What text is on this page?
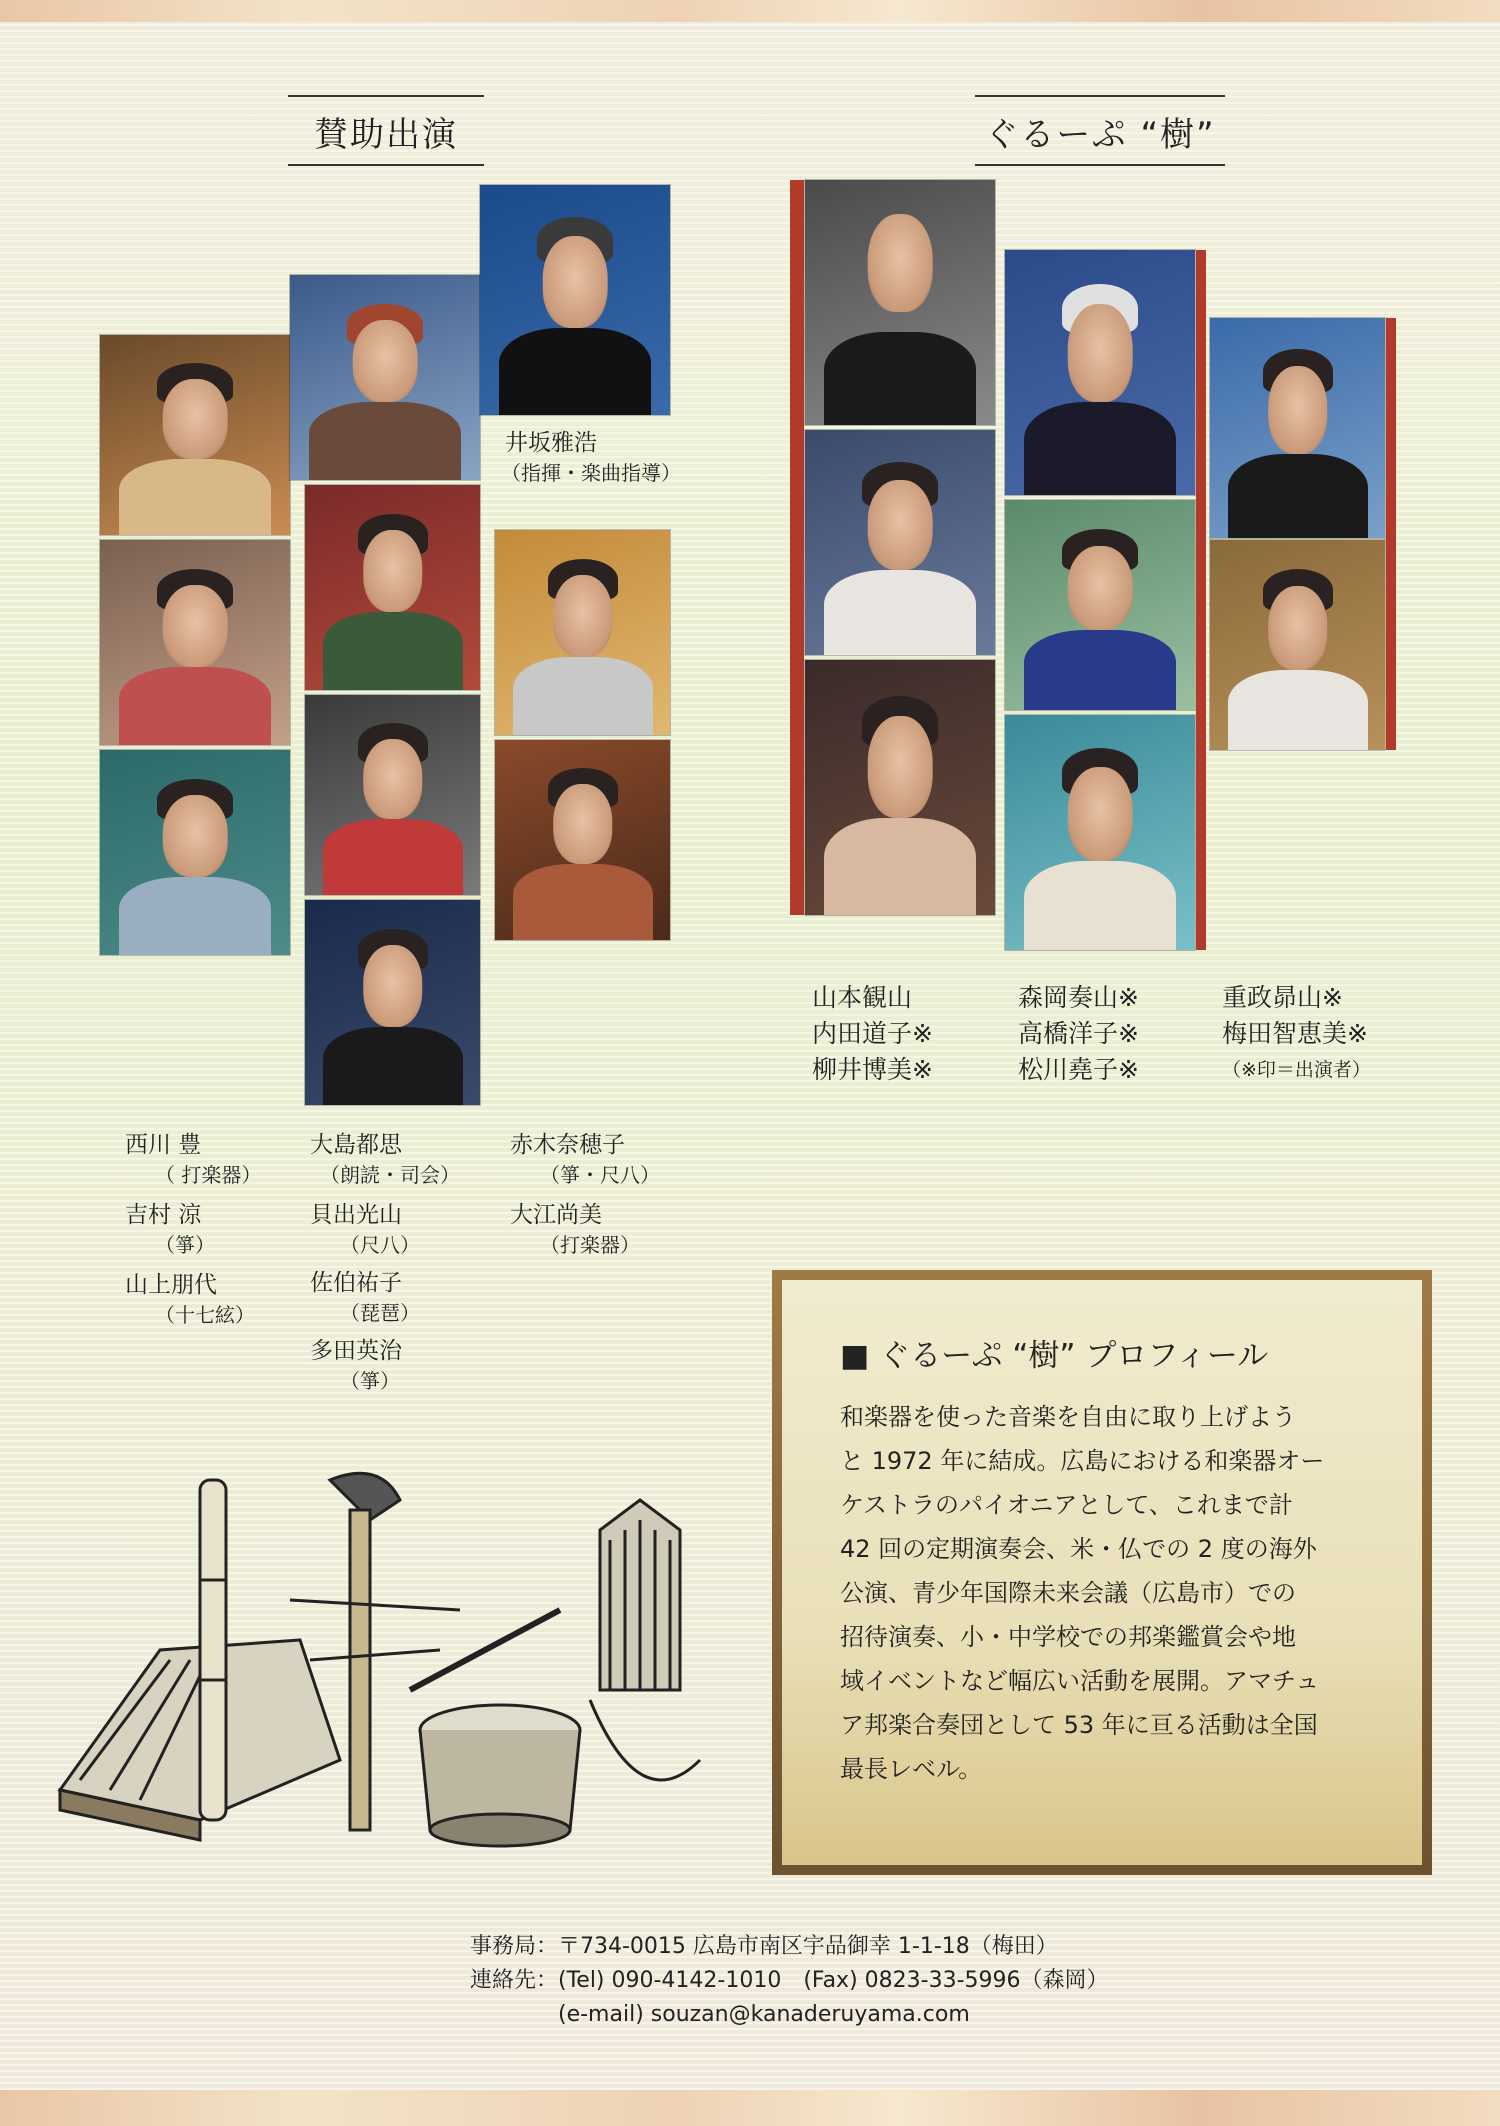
賛助出演	ぐるーぷ “樹”
井坂雅浩
（指揮・楽曲指導）
西川 豊
（ 打楽器）
吉村 涼
（箏）
山上朋代
（十七絃）
大島都思
（朗読・司会）
貝出光山
（尺八）
佐伯祐子
（琵琶）
多田英治
（箏）
赤木奈穂子
（箏・尺八）
大江尚美
（打楽器）
山本観山
内田道子※
柳井博美※
森岡奏山※
高橋洋子※
松川堯子※
重政昴山※
梅田智恵美※
（※印＝出演者）
■ ぐるーぷ “樹” プロフィール
和楽器を使った音楽を自由に取り上げよう
と 1972 年に結成。広島における和楽器オー
ケストラのパイオニアとして、これまで計
42 回の定期演奏会、米・仏での 2 度の海外
公演、青少年国際未来会議（広島市）での
招待演奏、小・中学校での邦楽鑑賞会や地
域イベントなど幅広い活動を展開。アマチュ
ア邦楽合奏団として 53 年に亘る活動は全国
最長レベル。
事務局：〒734-0015 広島市南区宇品御幸 1-1-18（梅田）
連絡先：(Tel) 090-4142-1010　(Fax) 0823-33-5996（森岡）
(e-mail) souzan@kanaderuyama.com
